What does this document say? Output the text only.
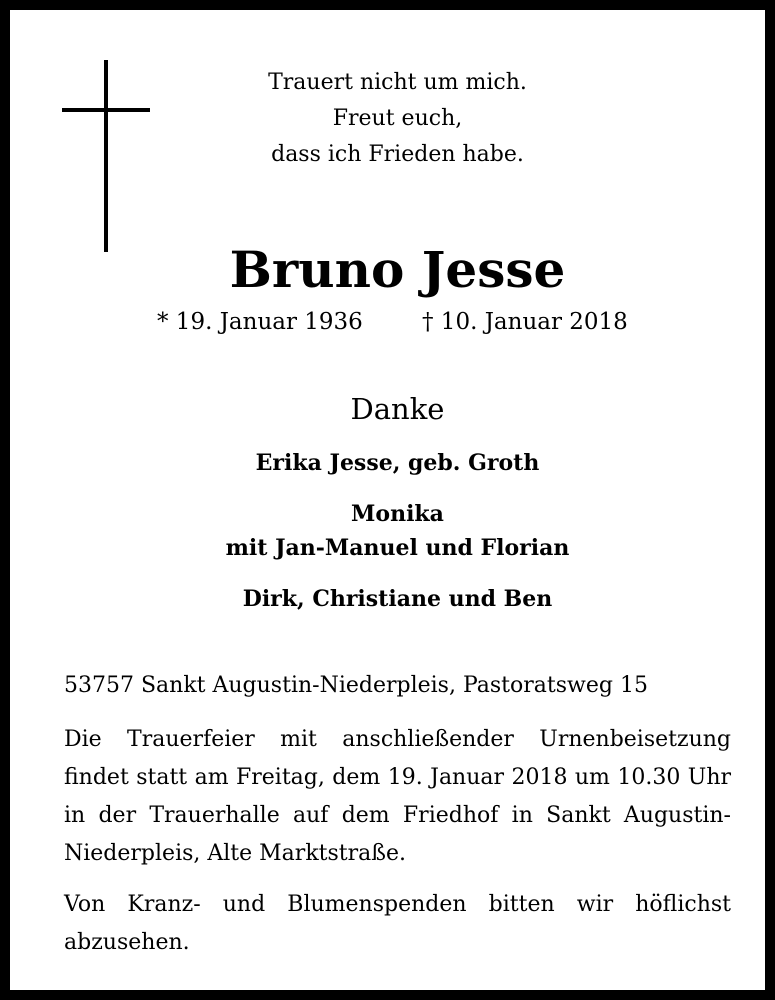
Trauert nicht um mich.
Freut euch,
dass ich Frieden habe.
Bruno Jesse
* 19. Januar 1936	† 10. Januar 2018
Danke
Erika Jesse, geb. Groth
Monika
mit Jan-Manuel und Florian
Dirk, Christiane und Ben
53757 Sankt Augustin-Niederpleis, Pastoratsweg 15
Die Trauerfeier mit anschließender Urnenbeisetzung
findet statt am Freitag, dem 19. Januar 2018 um 10.30 Uhr
in der Trauerhalle auf dem Friedhof in Sankt Augustin-
Niederpleis, Alte Marktstraße.
Von Kranz- und Blumenspenden bitten wir höflichst
abzusehen.
